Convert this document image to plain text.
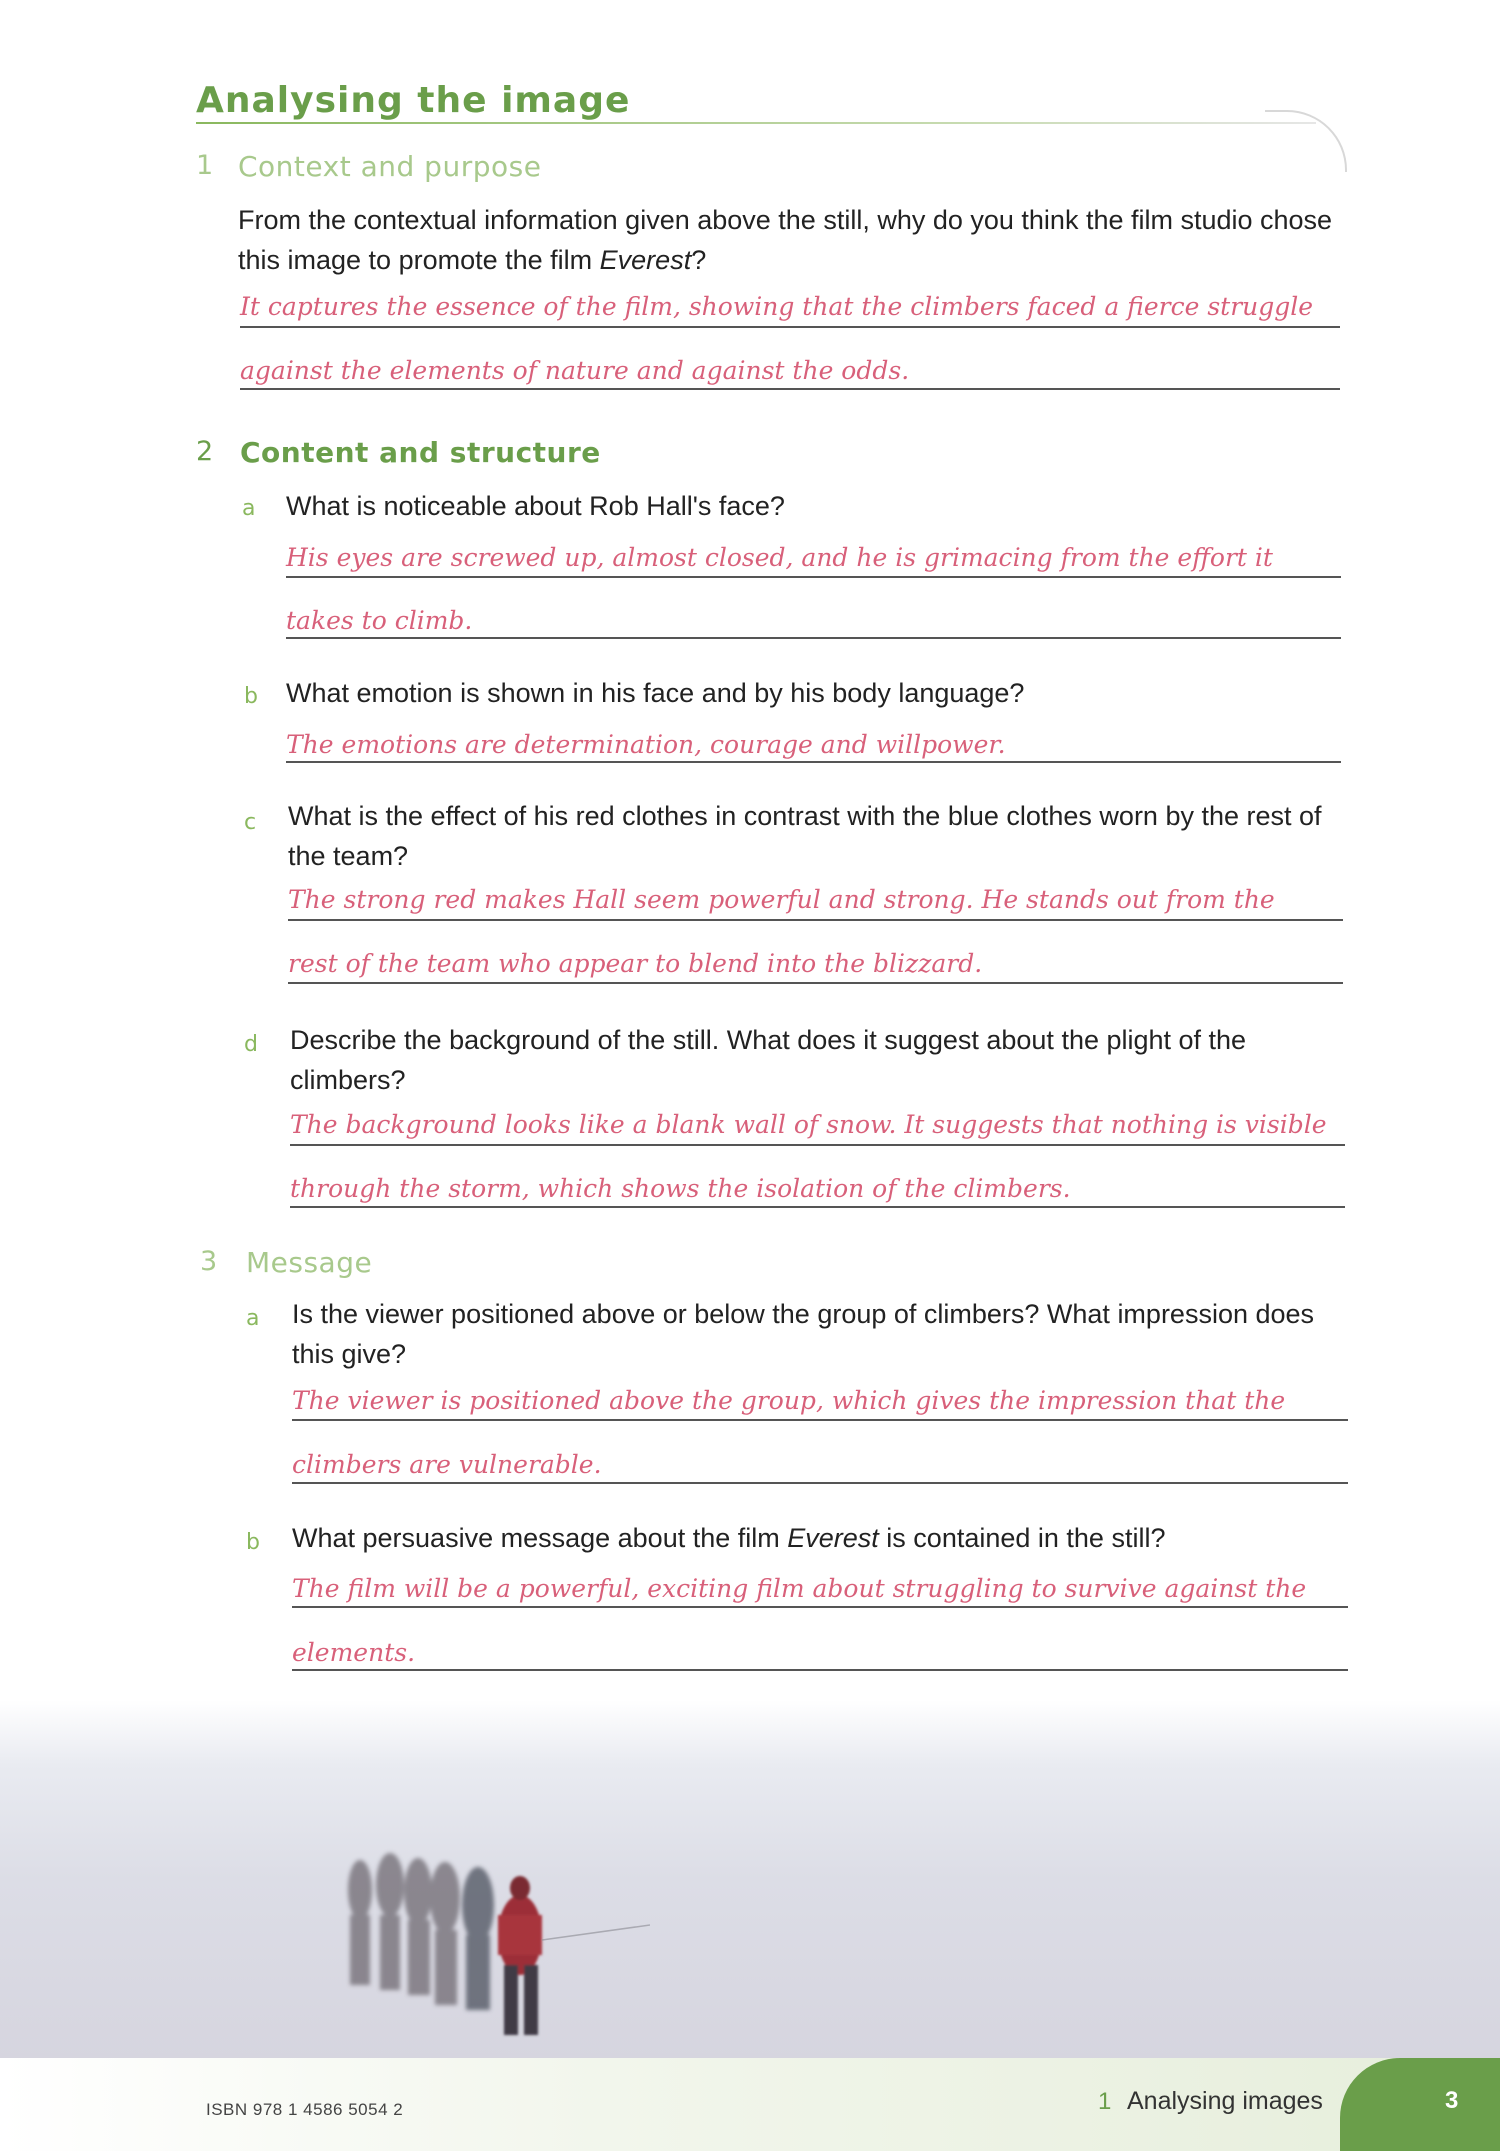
Analysing the image
1 Context and purpose
From the contextual information given above the still, why do you think the film studio chose this image to promote the film Everest?
It captures the essence of the film, showing that the climbers faced a fierce struggle
against the elements of nature and against the odds.
2 Content and structure
a What is noticeable about Rob Hall's face?
His eyes are screwed up, almost closed, and he is grimacing from the effort it
takes to climb.
b What emotion is shown in his face and by his body language?
The emotions are determination, courage and willpower.
c What is the effect of his red clothes in contrast with the blue clothes worn by the rest of the team?
The strong red makes Hall seem powerful and strong. He stands out from the
rest of the team who appear to blend into the blizzard.
d Describe the background of the still. What does it suggest about the plight of the climbers?
The background looks like a blank wall of snow. It suggests that nothing is visible
through the storm, which shows the isolation of the climbers.
3 Message
a Is the viewer positioned above or below the group of climbers? What impression does this give?
The viewer is positioned above the group, which gives the impression that the
climbers are vulnerable.
b What persuasive message about the film Everest is contained in the still?
The film will be a powerful, exciting film about struggling to survive against the
elements.
ISBN 978 1 4586 5054 2	1 Analysing images	3
